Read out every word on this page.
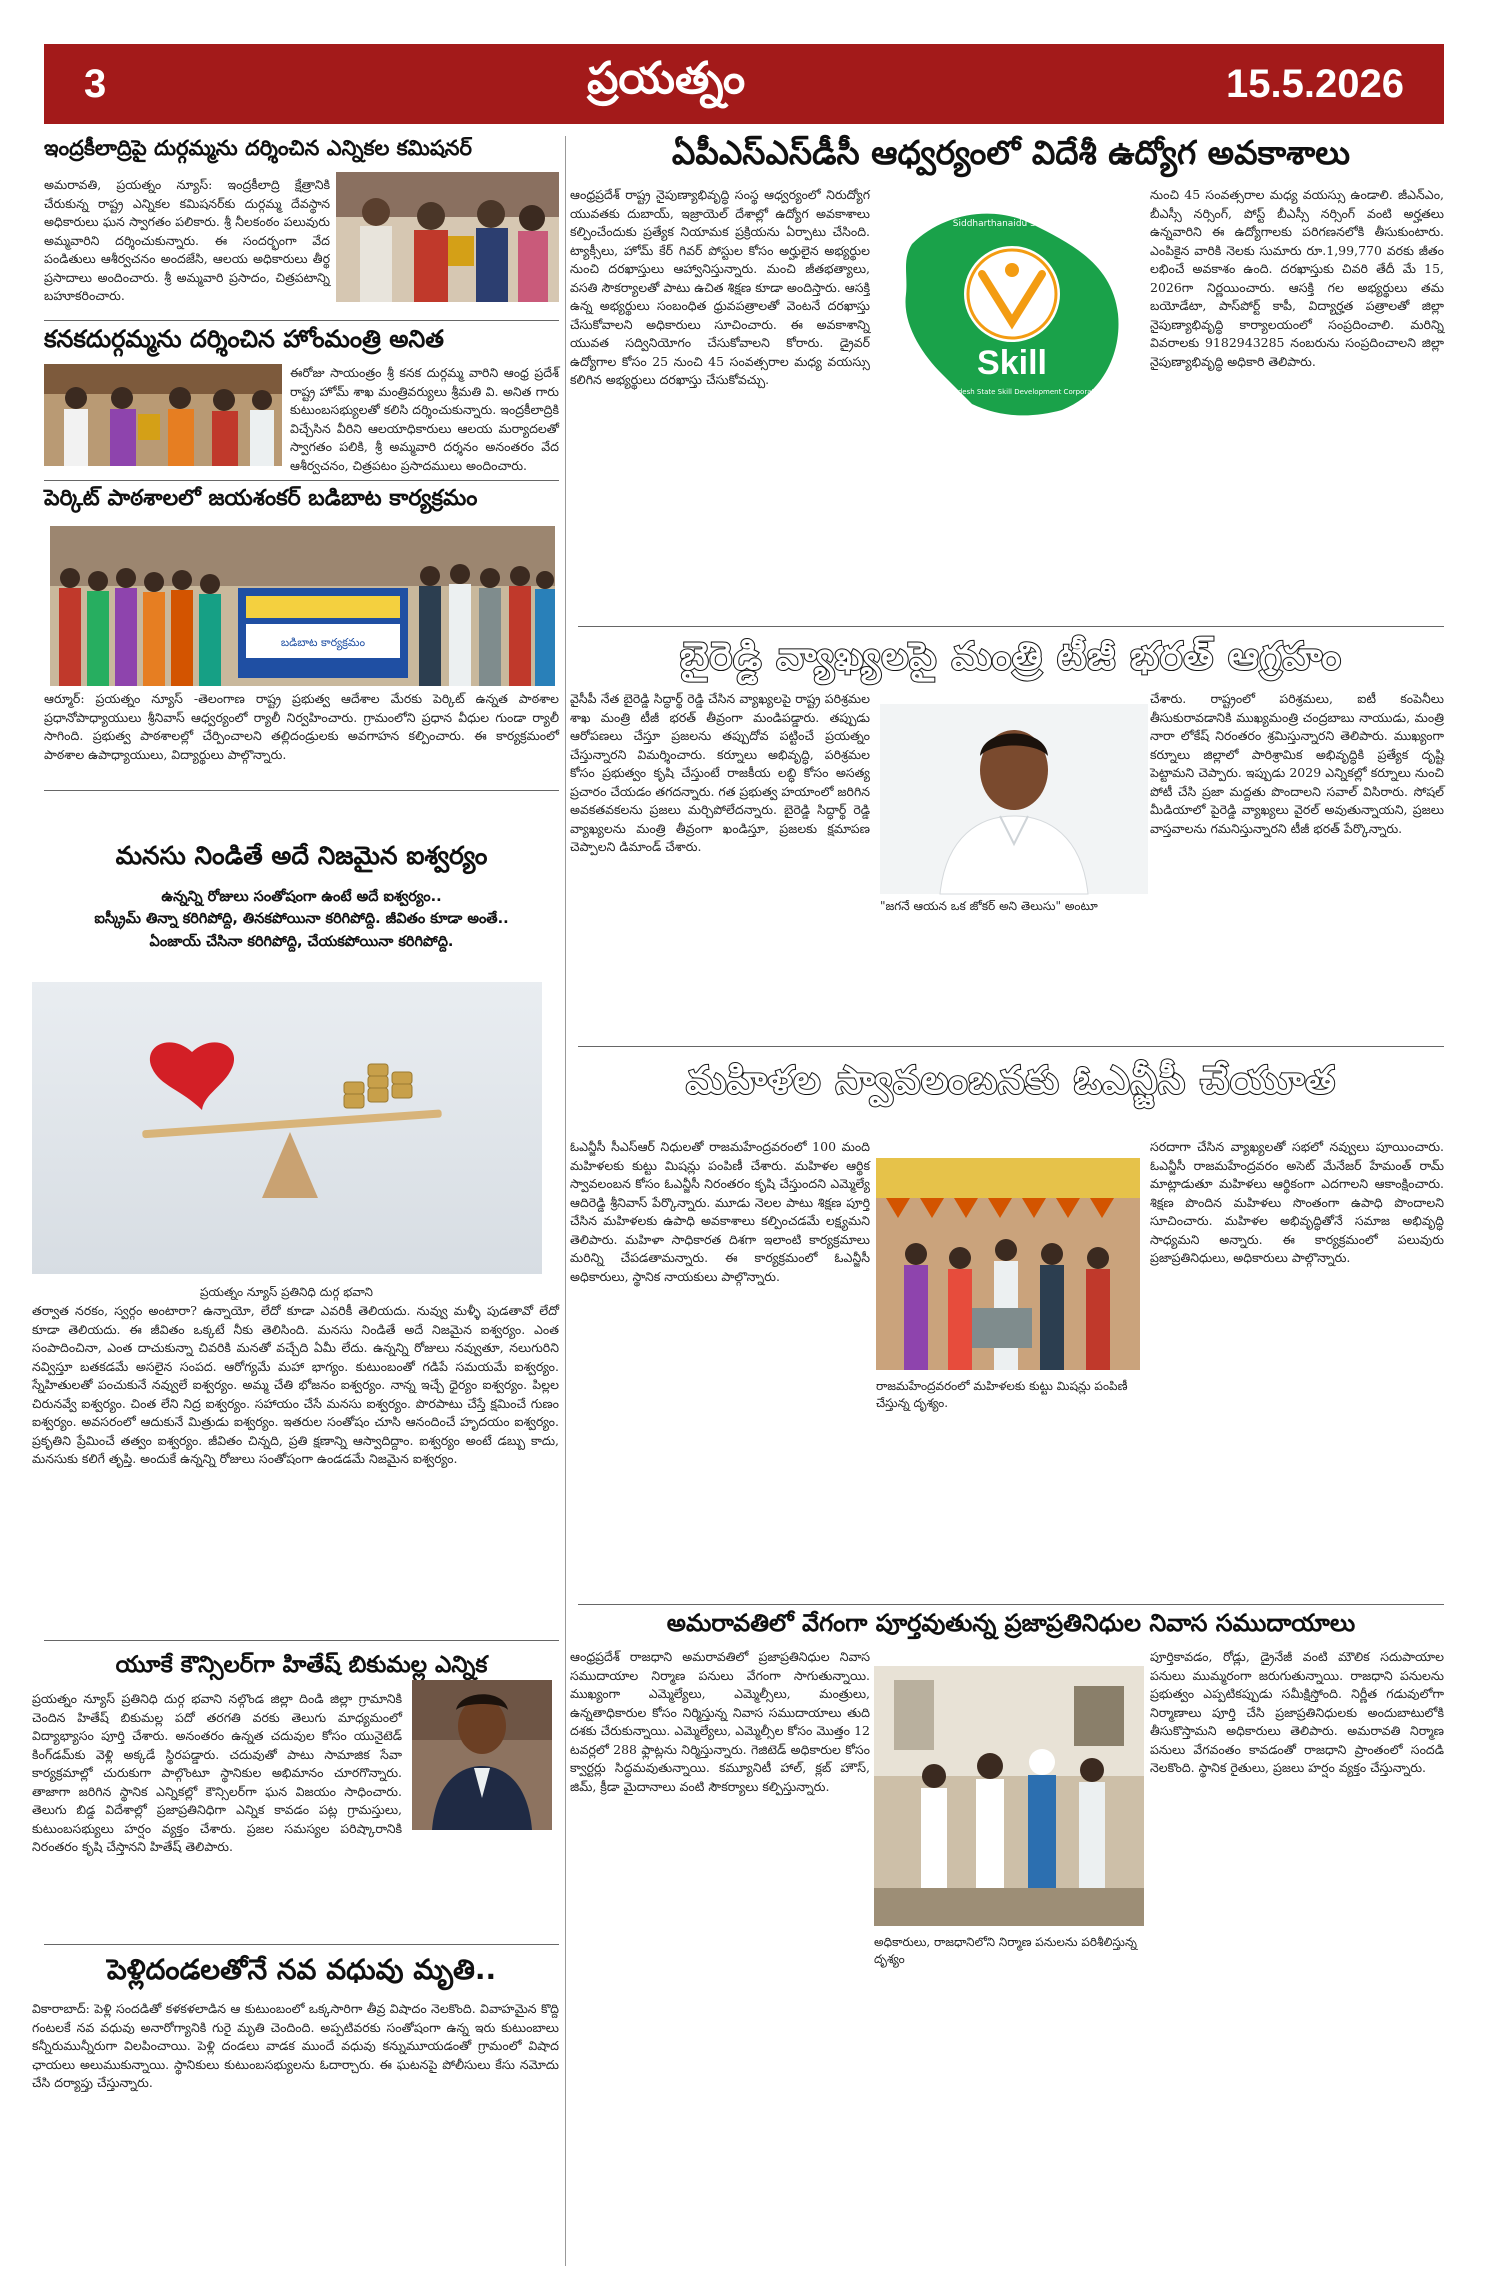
3	ప్రయత్నం	15.5.2026
ఇంద్రకీలాద్రిపై దుర్గమ్మను దర్శించిన ఎన్నికల కమిషనర్
అమరావతి, ప్రయత్నం న్యూస్: ఇంద్రకీలాద్రి క్షేత్రానికి చేరుకున్న రాష్ట్ర ఎన్నికల కమిషనర్‌కు దుర్గమ్మ దేవస్థాన అధికారులు ఘన స్వాగతం పలికారు. శ్రీ నీలకంఠం పలువురు అమ్మవారిని దర్శించుకున్నారు. ఈ సందర్భంగా వేద పండితులు ఆశీర్వచనం అందజేసి, ఆలయ అధికారులు తీర్థ ప్రసాదాలు అందించారు. శ్రీ అమ్మవారి ప్రసాదం, చిత్రపటాన్ని బహూకరించారు.
కనకదుర్గమ్మను దర్శించిన హోంమంత్రి అనిత
ఈరోజు సాయంత్రం శ్రీ కనక దుర్గమ్మ వారిని ఆంధ్ర ప్రదేశ్ రాష్ట్ర హోమ్ శాఖ మంత్రివర్యులు శ్రీమతి వి. అనిత గారు కుటుంబసభ్యులతో కలిసి దర్శించుకున్నారు. ఇంద్రకీలాద్రికి విచ్చేసిన వీరిని ఆలయాధికారులు ఆలయ మర్యాదలతో స్వాగతం పలికి, శ్రీ అమ్మవారి దర్శనం అనంతరం వేద ఆశీర్వచనం, చిత్రపటం ప్రసాదములు అందించారు.
పెర్కిట్ పాఠశాలలో జయశంకర్ బడిబాట కార్యక్రమం
బడిబాట కార్యక్రమం
ఆర్మూర్: ప్రయత్నం న్యూస్ -తెలంగాణ రాష్ట్ర ప్రభుత్వ ఆదేశాల మేరకు పెర్కిట్ ఉన్నత పాఠశాల ప్రధానోపాధ్యాయులు శ్రీనివాస్ ఆధ్వర్యంలో ర్యాలీ నిర్వహించారు. గ్రామంలోని ప్రధాన వీధుల గుండా ర్యాలీ సాగింది. ప్రభుత్వ పాఠశాలల్లో చేర్పించాలని తల్లిదండ్రులకు అవగాహన కల్పించారు. ఈ కార్యక్రమంలో పాఠశాల ఉపాధ్యాయులు, విద్యార్థులు పాల్గొన్నారు.
మనసు నిండితే అదే నిజమైన ఐశ్వర్యం
ఉన్నన్ని రోజులు సంతోషంగా ఉంటే అదే ఐశ్వర్యం..
ఐస్క్రీమ్ తిన్నా కరిగిపోద్ది, తినకపోయినా కరిగిపోద్ది. జీవితం కూడా అంతే..
ఏంజాయ్ చేసినా కరిగిపోద్ది, చేయకపోయినా కరిగిపోద్ది.
ప్రయత్నం న్యూస్ ప్రతినిధి దుర్గ భవాని
తర్వాత నరకం, స్వర్గం అంటారా? ఉన్నాయో, లేదో కూడా ఎవరికీ తెలియదు. నువ్వు మళ్ళీ పుడతావో లేదో కూడా తెలియదు. ఈ జీవితం ఒక్కటే నీకు తెలిసింది. మనసు నిండితే అదే నిజమైన ఐశ్వర్యం. ఎంత సంపాదించినా, ఎంత దాచుకున్నా చివరికి మనతో వచ్చేది ఏమీ లేదు. ఉన్నన్ని రోజులు నవ్వుతూ, నలుగురిని నవ్విస్తూ బతకడమే అసలైన సంపద. ఆరోగ్యమే మహా భాగ్యం. కుటుంబంతో గడిపే సమయమే ఐశ్వర్యం. స్నేహితులతో పంచుకునే నవ్వులే ఐశ్వర్యం. అమ్మ చేతి భోజనం ఐశ్వర్యం. నాన్న ఇచ్చే ధైర్యం ఐశ్వర్యం. పిల్లల చిరునవ్వే ఐశ్వర్యం. చింత లేని నిద్ర ఐశ్వర్యం. సహాయం చేసే మనసు ఐశ్వర్యం. పొరపాటు చేస్తే క్షమించే గుణం ఐశ్వర్యం. అవసరంలో ఆదుకునే మిత్రుడు ఐశ్వర్యం. ఇతరుల సంతోషం చూసి ఆనందించే హృదయం ఐశ్వర్యం. ప్రకృతిని ప్రేమించే తత్వం ఐశ్వర్యం. జీవితం చిన్నది, ప్రతి క్షణాన్ని ఆస్వాదిద్దాం. ఐశ్వర్యం అంటే డబ్బు కాదు, మనసుకు కలిగే తృప్తి. అందుకే ఉన్నన్ని రోజులు సంతోషంగా ఉండడమే నిజమైన ఐశ్వర్యం.
యూకే కౌన్సిలర్‌గా హితేష్ బికుమల్ల ఎన్నిక
ప్రయత్నం న్యూస్ ప్రతినిధి దుర్గ భవాని నల్గొండ జిల్లా దిండి జిల్లా గ్రామానికి చెందిన హితేష్ బికుమల్ల పదో తరగతి వరకు తెలుగు మాధ్యమంలో విద్యాభ్యాసం పూర్తి చేశారు. అనంతరం ఉన్నత చదువుల కోసం యునైటెడ్ కింగ్‌డమ్‌కు వెళ్లి అక్కడే స్థిరపడ్డారు. చదువుతో పాటు సామాజిక సేవా కార్యక్రమాల్లో చురుకుగా పాల్గొంటూ స్థానికుల అభిమానం చూరగొన్నారు. తాజాగా జరిగిన స్థానిక ఎన్నికల్లో కౌన్సిలర్‌గా ఘన విజయం సాధించారు. తెలుగు బిడ్డ విదేశాల్లో ప్రజాప్రతినిధిగా ఎన్నిక కావడం పట్ల గ్రామస్తులు, కుటుంబసభ్యులు హర్షం వ్యక్తం చేశారు. ప్రజల సమస్యల పరిష్కారానికి నిరంతరం కృషి చేస్తానని హితేష్ తెలిపారు.
పెళ్లిదండలతోనే నవ వధువు మృతి..
వికారాబాద్: పెళ్లి సందడితో కళకళలాడిన ఆ కుటుంబంలో ఒక్కసారిగా తీవ్ర విషాదం నెలకొంది. వివాహమైన కొద్ది గంటలకే నవ వధువు అనారోగ్యానికి గురై మృతి చెందింది. అప్పటివరకు సంతోషంగా ఉన్న ఇరు కుటుంబాలు కన్నీరుమున్నీరుగా విలపించాయి. పెళ్లి దండలు వాడక ముందే వధువు కన్నుమూయడంతో గ్రామంలో విషాద ఛాయలు అలుముకున్నాయి. స్థానికులు కుటుంబసభ్యులను ఓదార్చారు. ఈ ఘటనపై పోలీసులు కేసు నమోదు చేసి దర్యాప్తు చేస్తున్నారు.
ఏపీఎస్ఎస్‌డీసీ ఆధ్వర్యంలో విదేశీ ఉద్యోగ అవకాశాలు
ఆంధ్రప్రదేశ్ రాష్ట్ర నైపుణ్యాభివృద్ధి సంస్థ ఆధ్వర్యంలో నిరుద్యోగ యువతకు దుబాయ్, ఇజ్రాయెల్ దేశాల్లో ఉద్యోగ అవకాశాలు కల్పించేందుకు ప్రత్యేక నియామక ప్రక్రియను ఏర్పాటు చేసింది. ట్యాక్సీలు, హోమ్ కేర్ గివర్ పోస్టుల కోసం అర్హులైన అభ్యర్థుల నుంచి దరఖాస్తులు ఆహ్వానిస్తున్నారు. మంచి జీతభత్యాలు, వసతి సౌకర్యాలతో పాటు ఉచిత శిక్షణ కూడా అందిస్తారు. ఆసక్తి ఉన్న అభ్యర్థులు సంబంధిత ధ్రువపత్రాలతో వెంటనే దరఖాస్తు చేసుకోవాలని అధికారులు సూచించారు. ఈ అవకాశాన్ని యువత సద్వినియోగం చేసుకోవాలని కోరారు. డ్రైవర్ ఉద్యోగాల కోసం 25 నుంచి 45 సంవత్సరాల మధ్య వయస్సు కలిగిన అభ్యర్థులు దరఖాస్తు చేసుకోవచ్చు.
Siddharthanaidu Samajika
Skill
Andhra Pradesh State Skill Development Corporation
నుంచి 45 సంవత్సరాల మధ్య వయస్సు ఉండాలి. జీఎన్‌ఎం, బీఎస్సీ నర్సింగ్, పోస్ట్ బీఎస్సీ నర్సింగ్ వంటి అర్హతలు ఉన్నవారిని ఈ ఉద్యోగాలకు పరిగణనలోకి తీసుకుంటారు. ఎంపికైన వారికి నెలకు సుమారు రూ.1,99,770 వరకు జీతం లభించే అవకాశం ఉంది. దరఖాస్తుకు చివరి తేదీ మే 15, 2026గా నిర్ణయించారు. ఆసక్తి గల అభ్యర్థులు తమ బయోడేటా, పాస్‌పోర్ట్ కాపీ, విద్యార్హత పత్రాలతో జిల్లా నైపుణ్యాభివృద్ధి కార్యాలయంలో సంప్రదించాలి. మరిన్ని వివరాలకు 9182943285 నంబరును సంప్రదించాలని జిల్లా నైపుణ్యాభివృద్ధి అధికారి తెలిపారు.
బైరెడ్డి వ్యాఖ్యలపై మంత్రి టీజీ భరత్ ఆగ్రహం
వైసీపీ నేత బైరెడ్డి సిద్ధార్థ్ రెడ్డి చేసిన వ్యాఖ్యలపై రాష్ట్ర పరిశ్రమల శాఖ మంత్రి టీజీ భరత్ తీవ్రంగా మండిపడ్డారు. తప్పుడు ఆరోపణలు చేస్తూ ప్రజలను తప్పుదోవ పట్టించే ప్రయత్నం చేస్తున్నారని విమర్శించారు. కర్నూలు అభివృద్ధి, పరిశ్రమల కోసం ప్రభుత్వం కృషి చేస్తుంటే రాజకీయ లబ్ధి కోసం అసత్య ప్రచారం చేయడం తగదన్నారు. గత ప్రభుత్వ హయాంలో జరిగిన అవకతవకలను ప్రజలు మర్చిపోలేదన్నారు. బైరెడ్డి సిద్ధార్థ్ రెడ్డి వ్యాఖ్యలను మంత్రి తీవ్రంగా ఖండిస్తూ, ప్రజలకు క్షమాపణ చెప్పాలని డిమాండ్ చేశారు.
"జగనే ఆయన ఒక జోకర్ అని తెలుసు" అంటూ
చేశారు. రాష్ట్రంలో పరిశ్రమలు, ఐటీ కంపెనీలు తీసుకురావడానికి ముఖ్యమంత్రి చంద్రబాబు నాయుడు, మంత్రి నారా లోకేష్ నిరంతరం శ్రమిస్తున్నారని తెలిపారు. ముఖ్యంగా కర్నూలు జిల్లాలో పారిశ్రామిక అభివృద్ధికి ప్రత్యేక దృష్టి పెట్టామని చెప్పారు. ఇప్పుడు 2029 ఎన్నికల్లో కర్నూలు నుంచి పోటీ చేసి ప్రజా మద్దతు పొందాలని సవాల్ విసిరారు. సోషల్ మీడియాలో పైరెడ్డి వ్యాఖ్యలు వైరల్ అవుతున్నాయని, ప్రజలు వాస్తవాలను గమనిస్తున్నారని టీజీ భరత్ పేర్కొన్నారు.
మహిళల స్వావలంబనకు ఓఎన్జీసీ చేయూత
ఓఎన్జీసీ సీఎస్ఆర్ నిధులతో రాజమహేంద్రవరంలో 100 మంది మహిళలకు కుట్టు మిషన్లు పంపిణీ చేశారు. మహిళల ఆర్థిక స్వావలంబన కోసం ఓఎన్జీసీ నిరంతరం కృషి చేస్తుందని ఎమ్మెల్యే ఆదిరెడ్డి శ్రీనివాస్ పేర్కొన్నారు. మూడు నెలల పాటు శిక్షణ పూర్తి చేసిన మహిళలకు ఉపాధి అవకాశాలు కల్పించడమే లక్ష్యమని తెలిపారు. మహిళా సాధికారత దిశగా ఇలాంటి కార్యక్రమాలు మరిన్ని చేపడతామన్నారు. ఈ కార్యక్రమంలో ఓఎన్జీసీ అధికారులు, స్థానిక నాయకులు పాల్గొన్నారు.
రాజమహేంద్రవరంలో మహిళలకు కుట్టు మిషన్లు పంపిణీ చేస్తున్న దృశ్యం.
సరదాగా చేసిన వ్యాఖ్యలతో సభలో నవ్వులు పూయించారు. ఓఎన్జీసీ రాజమహేంద్రవరం అసెట్ మేనేజర్ హేమంత్ రామ్ మాట్లాడుతూ మహిళలు ఆర్థికంగా ఎదగాలని ఆకాంక్షించారు. శిక్షణ పొందిన మహిళలు సొంతంగా ఉపాధి పొందాలని సూచించారు. మహిళల అభివృద్ధితోనే సమాజ అభివృద్ధి సాధ్యమని అన్నారు. ఈ కార్యక్రమంలో పలువురు ప్రజాప్రతినిధులు, అధికారులు పాల్గొన్నారు.
అమరావతిలో వేగంగా పూర్తవుతున్న ప్రజాప్రతినిధుల నివాస సముదాయాలు
ఆంధ్రప్రదేశ్ రాజధాని అమరావతిలో ప్రజాప్రతినిధుల నివాస సముదాయాల నిర్మాణ పనులు వేగంగా సాగుతున్నాయి. ముఖ్యంగా ఎమ్మెల్యేలు, ఎమ్మెల్సీలు, మంత్రులు, ఉన్నతాధికారుల కోసం నిర్మిస్తున్న నివాస సముదాయాలు తుది దశకు చేరుకున్నాయి. ఎమ్మెల్యేలు, ఎమ్మెల్సీల కోసం మొత్తం 12 టవర్లలో 288 ఫ్లాట్లను నిర్మిస్తున్నారు. గెజిటెడ్ అధికారుల కోసం క్వార్టర్లు సిద్ధమవుతున్నాయి. కమ్యూనిటీ హాల్, క్లబ్ హౌస్, జిమ్, క్రీడా మైదానాలు వంటి సౌకర్యాలు కల్పిస్తున్నారు.
అధికారులు, రాజధానిలోని నిర్మాణ పనులను పరిశీలిస్తున్న దృశ్యం
పూర్తికావడం, రోడ్లు, డ్రైనేజీ వంటి మౌలిక సదుపాయాల పనులు ముమ్మరంగా జరుగుతున్నాయి. రాజధాని పనులను ప్రభుత్వం ఎప్పటికప్పుడు సమీక్షిస్తోంది. నిర్ణీత గడువులోగా నిర్మాణాలు పూర్తి చేసి ప్రజాప్రతినిధులకు అందుబాటులోకి తీసుకొస్తామని అధికారులు తెలిపారు. అమరావతి నిర్మాణ పనులు వేగవంతం కావడంతో రాజధాని ప్రాంతంలో సందడి నెలకొంది. స్థానిక రైతులు, ప్రజలు హర్షం వ్యక్తం చేస్తున్నారు.
